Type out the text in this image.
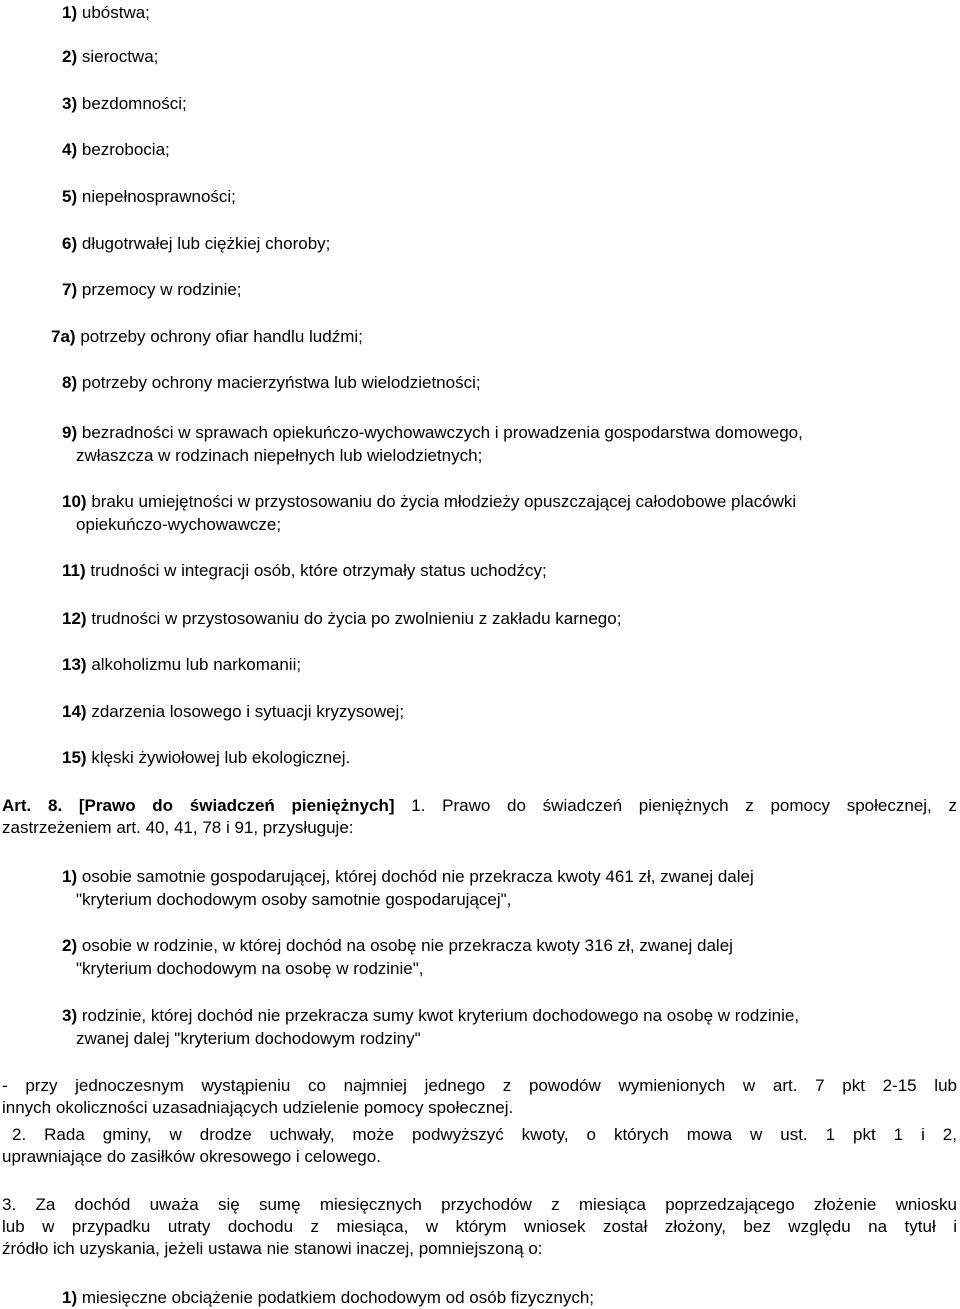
1) ubóstwa;
2) sieroctwa;
3) bezdomności;
4) bezrobocia;
5) niepełnosprawności;
6) długotrwałej lub ciężkiej choroby;
7) przemocy w rodzinie;
7a) potrzeby ochrony ofiar handlu ludźmi;
8) potrzeby ochrony macierzyństwa lub wielodzietności;
9) bezradności w sprawach opiekuńczo-wychowawczych i prowadzenia gospodarstwa domowego,
zwłaszcza w rodzinach niepełnych lub wielodzietnych;
10) braku umiejętności w przystosowaniu do życia młodzieży opuszczającej całodobowe placówki
opiekuńczo-wychowawcze;
11) trudności w integracji osób, które otrzymały status uchodźcy;
12) trudności w przystosowaniu do życia po zwolnieniu z zakładu karnego;
13) alkoholizmu lub narkomanii;
14) zdarzenia losowego i sytuacji kryzysowej;
15) klęski żywiołowej lub ekologicznej.
Art. 8. [Prawo do świadczeń pieniężnych] 1. Prawo do świadczeń pieniężnych z pomocy społecznej, z
zastrzeżeniem art. 40, 41, 78 i 91, przysługuje:
1) osobie samotnie gospodarującej, której dochód nie przekracza kwoty 461 zł, zwanej dalej
"kryterium dochodowym osoby samotnie gospodarującej",
2) osobie w rodzinie, w której dochód na osobę nie przekracza kwoty 316 zł, zwanej dalej
"kryterium dochodowym na osobę w rodzinie",
3) rodzinie, której dochód nie przekracza sumy kwot kryterium dochodowego na osobę w rodzinie,
zwanej dalej "kryterium dochodowym rodziny"
- przy jednoczesnym wystąpieniu co najmniej jednego z powodów wymienionych w art. 7 pkt 2-15 lub
innych okoliczności uzasadniających udzielenie pomocy społecznej.
2. Rada gminy, w drodze uchwały, może podwyższyć kwoty, o których mowa w ust. 1 pkt 1 i 2,
uprawniające do zasiłków okresowego i celowego.
3. Za dochód uważa się sumę miesięcznych przychodów z miesiąca poprzedzającego złożenie wniosku
lub w przypadku utraty dochodu z miesiąca, w którym wniosek został złożony, bez względu na tytuł i
źródło ich uzyskania, jeżeli ustawa nie stanowi inaczej, pomniejszoną o:
1) miesięczne obciążenie podatkiem dochodowym od osób fizycznych;
